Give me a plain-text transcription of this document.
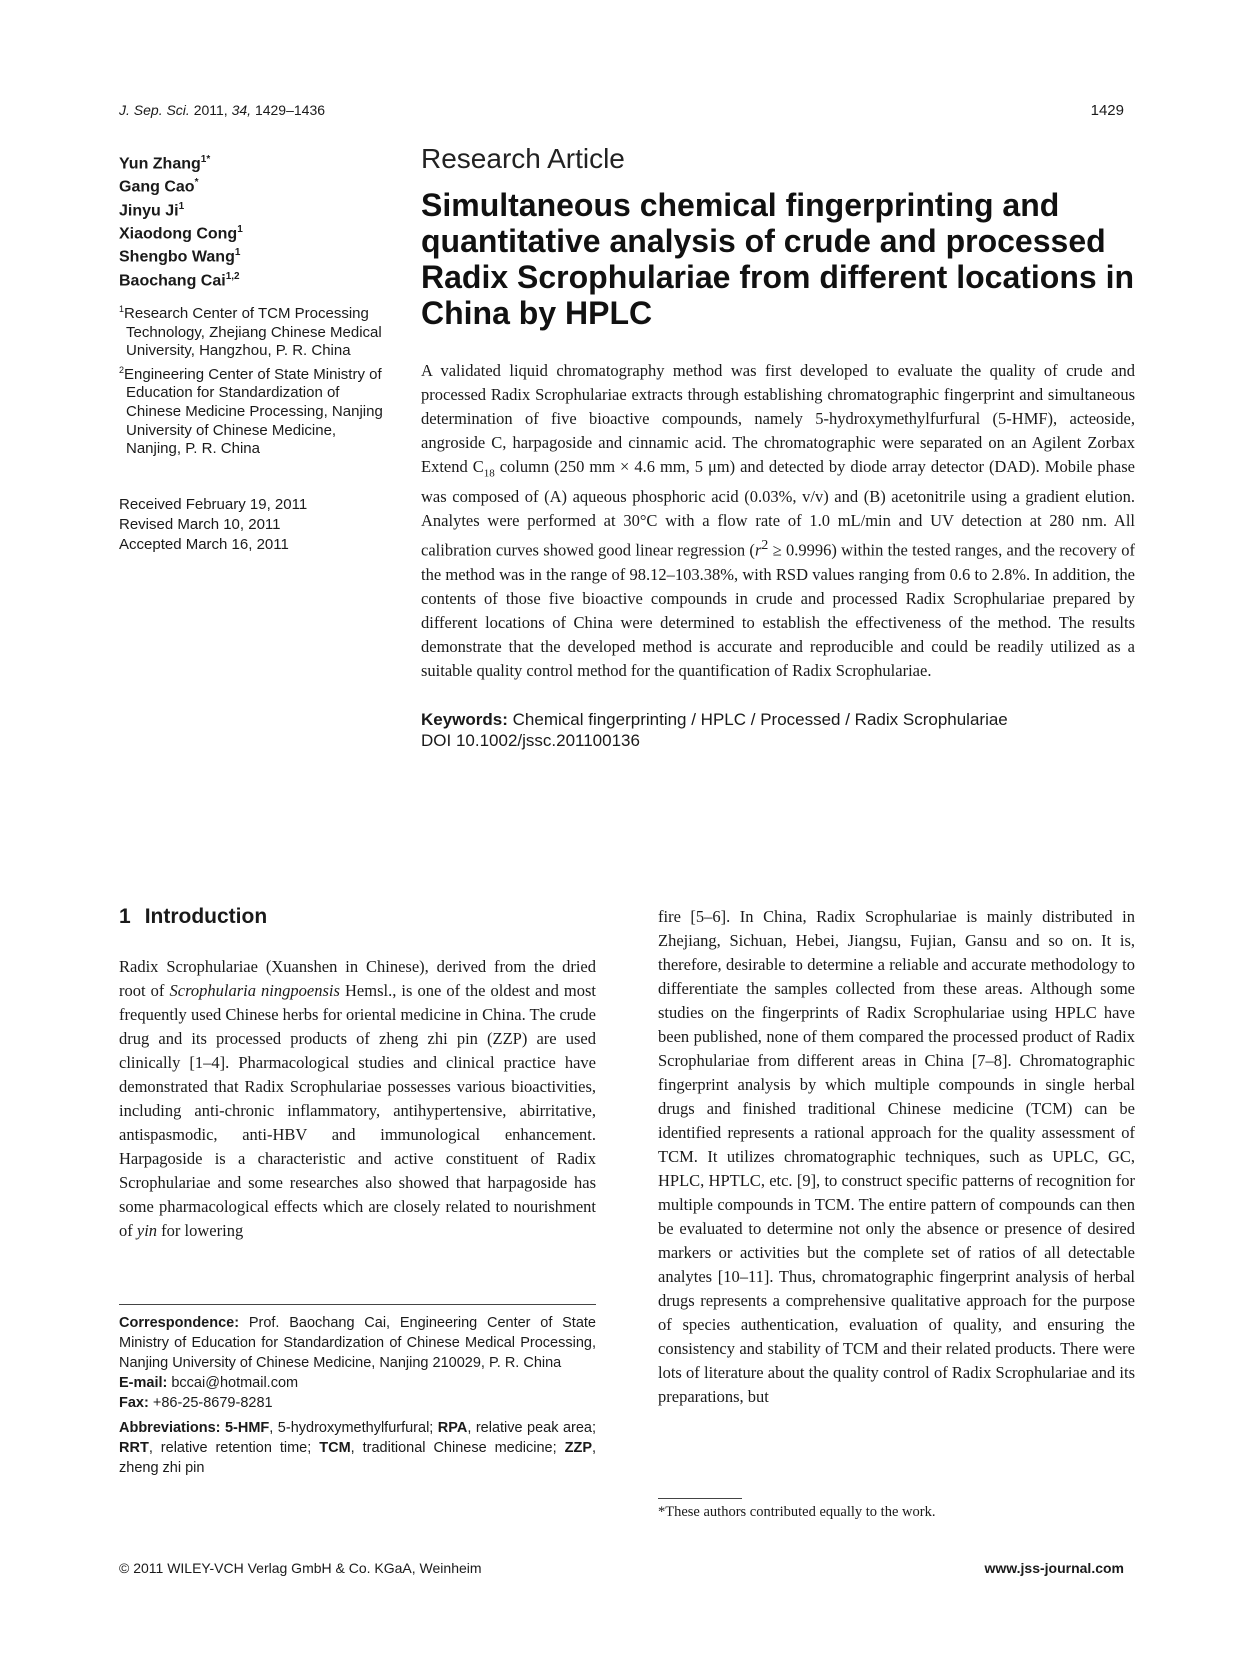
J. Sep. Sci. 2011, 34, 1429–1436	1429
Yun Zhang$^{1*}$
Gang Cao*
Jinyu Ji$^1$
Xiaodong Cong$^1$
Shengbo Wang$^1$
Baochang Cai$^{1,2}$
$^1$Research Center of TCM Processing Technology, Zhejiang Chinese Medical University, Hangzhou, P. R. China
$^2$Engineering Center of State Ministry of Education for Standardization of Chinese Medicine Processing, Nanjing University of Chinese Medicine, Nanjing, P. R. China
Received February 19, 2011
Revised March 10, 2011
Accepted March 16, 2011
Research Article
Simultaneous chemical fingerprinting and quantitative analysis of crude and processed Radix Scrophulariae from different locations in China by HPLC
A validated liquid chromatography method was first developed to evaluate the quality of crude and processed Radix Scrophulariae extracts through establishing chromatographic fingerprint and simultaneous determination of five bioactive compounds, namely 5-hydroxymethylfurfural (5-HMF), acteoside, angroside C, harpagoside and cinnamic acid. The chromatographic were separated on an Agilent Zorbax Extend $C_{18}$ column (250 mm × 4.6 mm, 5 μm) and detected by diode array detector (DAD). Mobile phase was composed of (A) aqueous phosphoric acid (0.03%, v/v) and (B) acetonitrile using a gradient elution. Analytes were performed at 30°C with a flow rate of 1.0 mL/min and UV detection at 280 nm. All calibration curves showed good linear regression $(r^2 \ge 0.9996)$ within the tested ranges, and the recovery of the method was in the range of 98.12–103.38%, with RSD values ranging from 0.6 to 2.8%. In addition, the contents of those five bioactive compounds in crude and processed Radix Scrophulariae prepared by different locations of China were determined to establish the effectiveness of the method. The results demonstrate that the developed method is accurate and reproducible and could be readily utilized as a suitable quality control method for the quantification of Radix Scrophulariae.
Keywords: Chemical fingerprinting / HPLC / Processed / Radix Scrophulariae
DOI 10.1002/jssc.201100136
1 Introduction

Radix Scrophulariae (Xuanshen in Chinese), derived from the dried root of Scrophularia ningpoensis Hemsl., is one of the oldest and most frequently used Chinese herbs for oriental medicine in China. The crude drug and its processed products of zheng zhi pin (ZZP) are used clinically [1–4]. Pharmacological studies and clinical practice have demonstrated that Radix Scrophulariae possesses various bioactivities, including anti-chronic inflammatory, antihypertensive, abirritative, antispasmodic, anti-HBV and immunological enhancement. Harpagoside is a characteristic and active constituent of Radix Scrophulariae and some researches also showed that harpagoside has some pharmacological effects which are closely related to nourishment of yin for lowering

fire [5–6]. In China, Radix Scrophulariae is mainly distributed in Zhejiang, Sichuan, Hebei, Jiangsu, Fujian, Gansu and so on. It is, therefore, desirable to determine a reliable and accurate methodology to differentiate the samples collected from these areas. Although some studies on the fingerprints of Radix Scrophulariae using HPLC have been published, none of them compared the processed product of Radix Scrophulariae from different areas in China [7–8]. Chromatographic fingerprint analysis by which multiple compounds in single herbal drugs and finished traditional Chinese medicine (TCM) can be identified represents a rational approach for the quality assessment of TCM. It utilizes chromatographic techniques, such as UPLC, GC, HPLC, HPTLC, etc. [9], to construct specific patterns of recognition for multiple compounds in TCM. The entire pattern of compounds can then be evaluated to determine not only the absence or presence of desired markers or activities but the complete set of ratios of all detectable analytes [10–11]. Thus, chromatographic fingerprint analysis of herbal drugs represents a comprehensive qualitative approach for the purpose of species authentication, evaluation of quality, and ensuring the consistency and stability of TCM and their related products. There were lots of literature about the quality control of Radix Scrophulariae and its preparations, but

Correspondence: Prof. Baochang Cai, Engineering Center of State Ministry of Education for Standardization of Chinese Medical Processing, Nanjing University of Chinese Medicine, Nanjing 210029, P. R. China
E-mail: bccai@hotmail.com
Fax: +86-25-8679-8281
Abbreviations: 5-HMF, 5-hydroxymethylfurfural; RPA, relative peak area; RRT, relative retention time; TCM, traditional Chinese medicine; ZZP, zheng zhi pin
*These authors contributed equally to the work.
© 2011 WILEY-VCH Verlag GmbH & Co. KGaA, Weinheim	www.jss-journal.com
